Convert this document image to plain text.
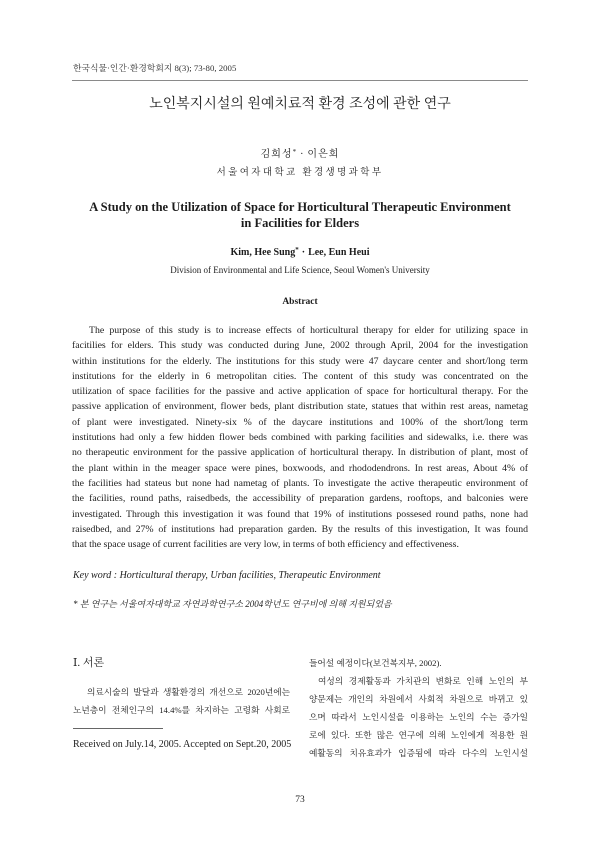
한국식물·인간·환경학회지 8(3); 73-80, 2005
노인복지시설의 원예치료적 환경 조성에 관한 연구
김희성* · 이은희
서울여자대학교 환경생명과학부
A Study on the Utilization of Space for Horticultural Therapeutic Environment
in Facilities for Elders
Kim, Hee Sung* · Lee, Eun Heui
Division of Environmental and Life Science, Seoul Women's University
Abstract
The purpose of this study is to increase effects of horticultural therapy for elder for utilizing space in
facitilies for elders. This study was conducted during June, 2002 through April, 2004 for the investigation
within institutions for the elderly. The institutions for this study were 47 daycare center and short/long term
institutions for the elderly in 6 metropolitan cities. The content of this study was concentrated on the
utilization of space facilities for the passive and active application of space for horticultural therapy. For the
passive application of environment, flower beds, plant distribution state, statues that within rest areas, nametag
of plant were investigated. Ninety-six % of the daycare institutions and 100% of the short/long term
institutions had only a few hidden flower beds combined with parking facilities and sidewalks, i.e. there was
no therapeutic environment for the passive application of horticultural therapy. In distribution of plant, most of
the plant within in the meager space were pines, boxwoods, and rhododendrons. In rest areas, About 4% of
the facilities had stateus but none had nametag of plants. To investigate the active therapeutic environment of
the facilities, round paths, raisedbeds, the accessibility of preparation gardens, rooftops, and balconies were
investigated. Through this investigation it was found that 19% of institutions possesed round paths, none had
raisedbed, and 27% of institutions had preparation garden. By the results of this investigation, It was found
that the space usage of current facilities are very low, in terms of both efficiency and effectiveness.
Key word : Horticultural therapy, Urban facilities, Therapeutic Environment
* 본 연구는 서울여자대학교 자연과학연구소 2004학년도 연구비에 의해 지원되었음
Ⅰ. 서론
의료시술의 발달과 생활환경의 개선으로 2020년에는
노년층이 전체인구의 14.4%를 차지하는 고령화 사회로
Received on July.14, 2005. Accepted on Sept.20, 2005
들어설 예정이다(보건복지부, 2002).
여성의 경제활동과 가치관의 변화로 인해 노인의 부
양문제는 개인의 차원에서 사회적 차원으로 바뀌고 있
으며 따라서 노인시설을 이용하는 노인의 수는 증가일
로에 있다. 또한 많은 연구에 의해 노인에게 적용한 원
예활동의 치유효과가 입증됨에 따라 다수의 노인시설
73
